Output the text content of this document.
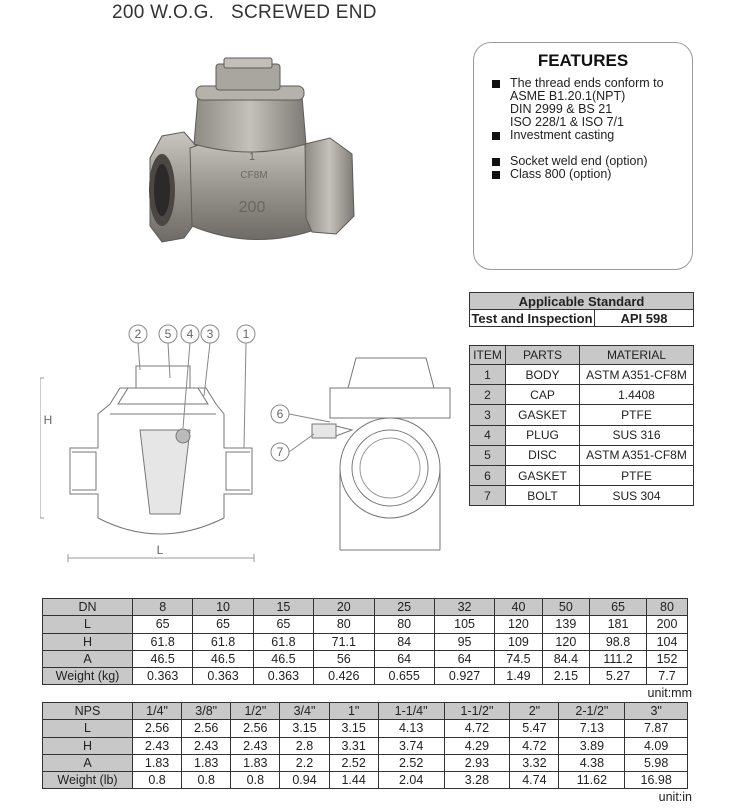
200 W.O.G.   SCREWED END
1
CF8M
200
FEATURES
The thread ends conform to
ASME B1.20.1(NPT)
DIN 2999 & BS 21
ISO 228/1 & ISO 7/1
Investment casting
Socket weld end (option)
Class 800 (option)
Applicable Standard
Test and Inspection	API 598
ITEM	PARTS	MATERIAL
1	BODY	ASTM A351-CF8M
2	CAP	1.4408
3	GASKET	PTFE
4	PLUG	SUS 316
5	DISC	ASTM A351-CF8M
6	GASKET	PTFE
7	BOLT	SUS 304
2 5 4 3 1
6
7
H
L
DN	8	10	15	20	25	32	40	50	65	80
L	65	65	65	80	80	105	120	139	181	200
H	61.8	61.8	61.8	71.1	84	95	109	120	98.8	104
A	46.5	46.5	46.5	56	64	64	74.5	84.4	111.2	152
Weight (kg)	0.363	0.363	0.363	0.426	0.655	0.927	1.49	2.15	5.27	7.7
unit:mm
NPS	1/4"	3/8"	1/2"	3/4"	1"	1-1/4"	1-1/2"	2"	2-1/2"	3"
L	2.56	2.56	2.56	3.15	3.15	4.13	4.72	5.47	7.13	7.87
H	2.43	2.43	2.43	2.8	3.31	3.74	4.29	4.72	3.89	4.09
A	1.83	1.83	1.83	2.2	2.52	2.52	2.93	3.32	4.38	5.98
Weight (lb)	0.8	0.8	0.8	0.94	1.44	2.04	3.28	4.74	11.62	16.98
unit:in
